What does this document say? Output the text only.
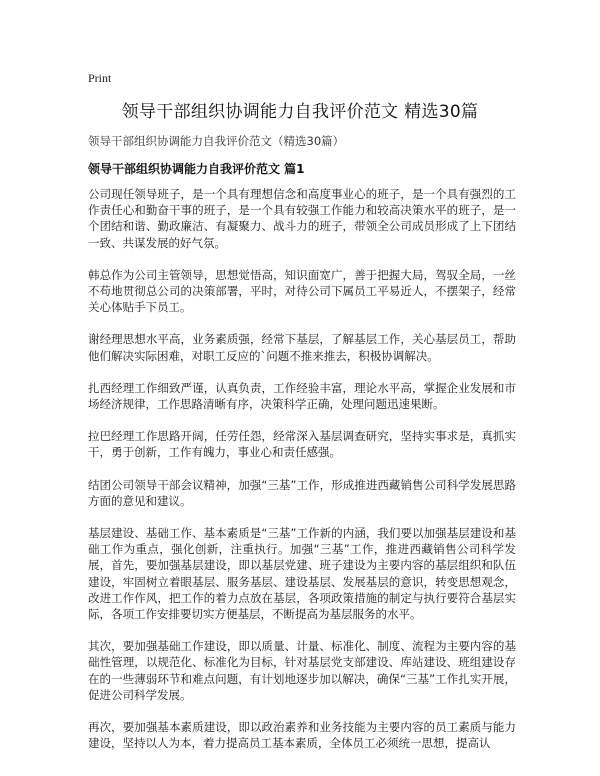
Print
领导干部组织协调能力自我评价范文 精选30篇

领导干部组织协调能力自我评价范文（精选30篇）

领导干部组织协调能力自我评价范文 篇1

公司现任领导班子，是一个具有理想信念和高度事业心的班子，是一个具有强烈的工作责任心和勤奋干事的班子，是一个具有较强工作能力和较高决策水平的班子，是一个团结和谐、勤政廉洁、有凝聚力、战斗力的班子，带领全公司成员形成了上下团结一致、共谋发展的好气氛。

韩总作为公司主管领导，思想觉悟高，知识面宽广，善于把握大局，驾驭全局，一丝不苟地贯彻总公司的决策部署，平时，对待公司下属员工平易近人，不摆架子，经常关心体贴手下员工。

谢经理思想水平高，业务素质强，经常下基层，了解基层工作，关心基层员工，帮助他们解决实际困难，对职工反应的`问题不推来推去，积极协调解决。

扎西经理工作细致严谨，认真负责，工作经验丰富，理论水平高，掌握企业发展和市场经济规律，工作思路清晰有序，决策科学正确，处理问题迅速果断。

拉巴经理工作思路开阔，任劳任怨，经常深入基层调查研究，坚持实事求是，真抓实干，勇于创新，工作有魄力，事业心和责任感强。

结团公司领导干部会议精神，加强“三基”工作，形成推进西藏销售公司科学发展思路方面的意见和建议。

基层建设、基础工作、基本素质是“三基”工作新的内涵，我们要以加强基层建设和基础工作为重点，强化创新，注重执行。加强“三基”工作，推进西藏销售公司科学发展，首先，要加强基层建设，即以基层党建、班子建设为主要内容的基层组织和队伍建设，牢固树立着眼基层、服务基层、建设基层、发展基层的意识，转变思想观念，改进工作作风，把工作的着力点放在基层，各项政策措施的制定与执行要符合基层实际，各项工作安排要切实方便基层，不断提高为基层服务的水平。

其次，要加强基础工作建设，即以质量、计量、标准化、制度、流程为主要内容的基础性管理，以规范化、标准化为目标，针对基层党支部建设、库站建设、班组建设存在的一些薄弱环节和难点问题，有计划地逐步加以解决，确保“三基”工作扎实开展，促进公司科学发展。

再次，要加强基本素质建设，即以政治素养和业务技能为主要内容的员工素质与能力建设，坚持以人为本，着力提高员工基本素质，全体员工必须统一思想，提高认
